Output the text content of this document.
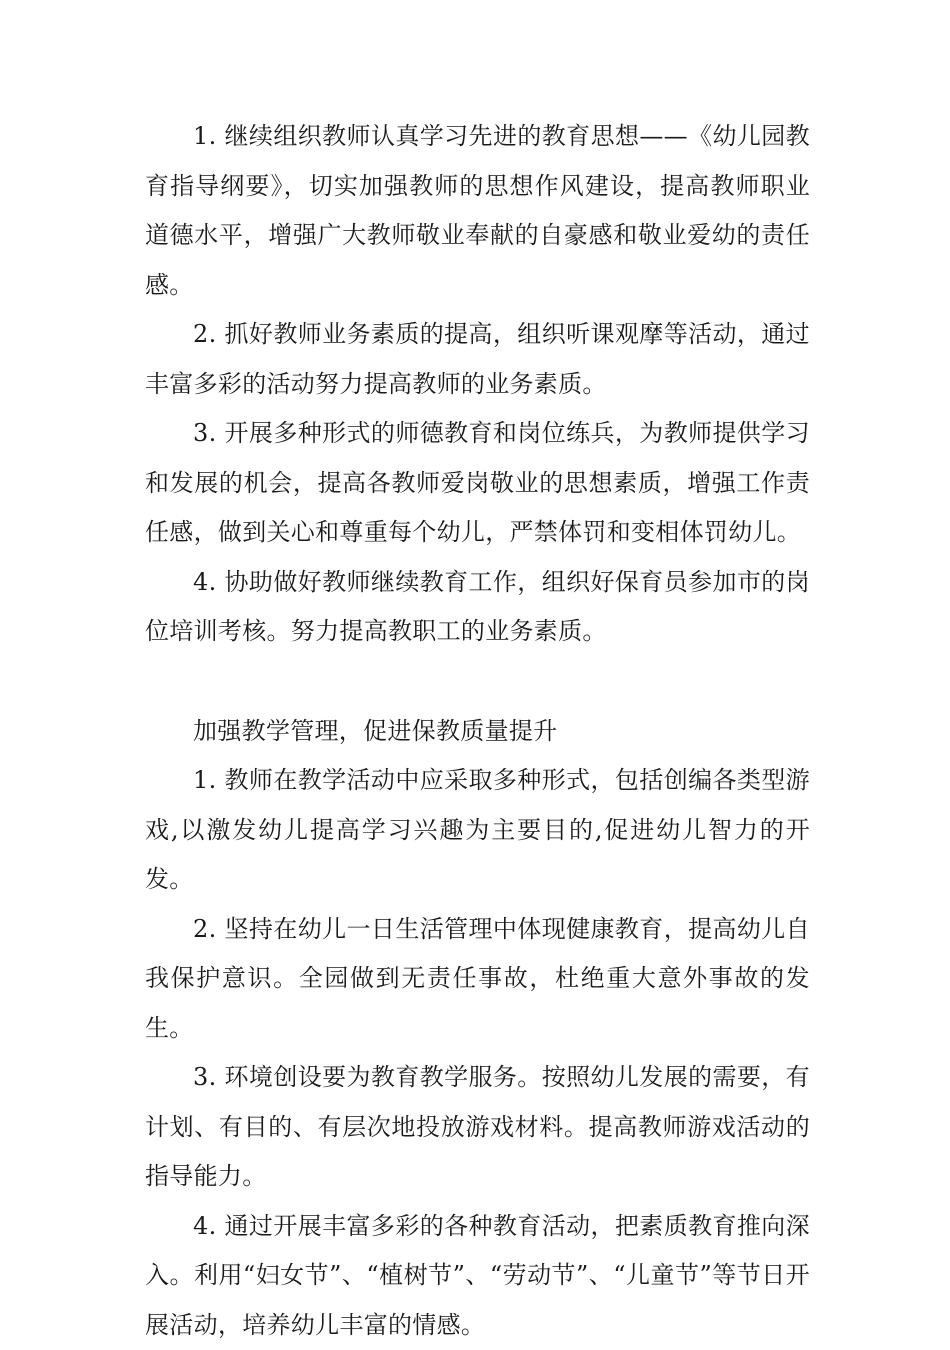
1. 继续组织教师认真学习先进的教育思想——《幼儿园教育指导纲要》，切实加强教师的思想作风建设，提高教师职业道德水平，增强广大教师敬业奉献的自豪感和敬业爱幼的责任感。

2. 抓好教师业务素质的提高，组织听课观摩等活动，通过丰富多彩的活动努力提高教师的业务素质。

3. 开展多种形式的师德教育和岗位练兵，为教师提供学习和发展的机会，提高各教师爱岗敬业的思想素质，增强工作责任感，做到关心和尊重每个幼儿，严禁体罚和变相体罚幼儿。

4. 协助做好教师继续教育工作，组织好保育员参加市的岗位培训考核。努力提高教职工的业务素质。

加强教学管理，促进保教质量提升

1. 教师在教学活动中应采取多种形式，包括创编各类型游戏,以激发幼儿提高学习兴趣为主要目的,促进幼儿智力的开发。

2. 坚持在幼儿一日生活管理中体现健康教育，提高幼儿自我保护意识。全园做到无责任事故，杜绝重大意外事故的发生。

3. 环境创设要为教育教学服务。按照幼儿发展的需要，有计划、有目的、有层次地投放游戏材料。提高教师游戏活动的指导能力。

4. 通过开展丰富多彩的各种教育活动，把素质教育推向深入。利用“妇女节”、“植树节”、“劳动节”、“儿童节”等节日开展活动，培养幼儿丰富的情感。
